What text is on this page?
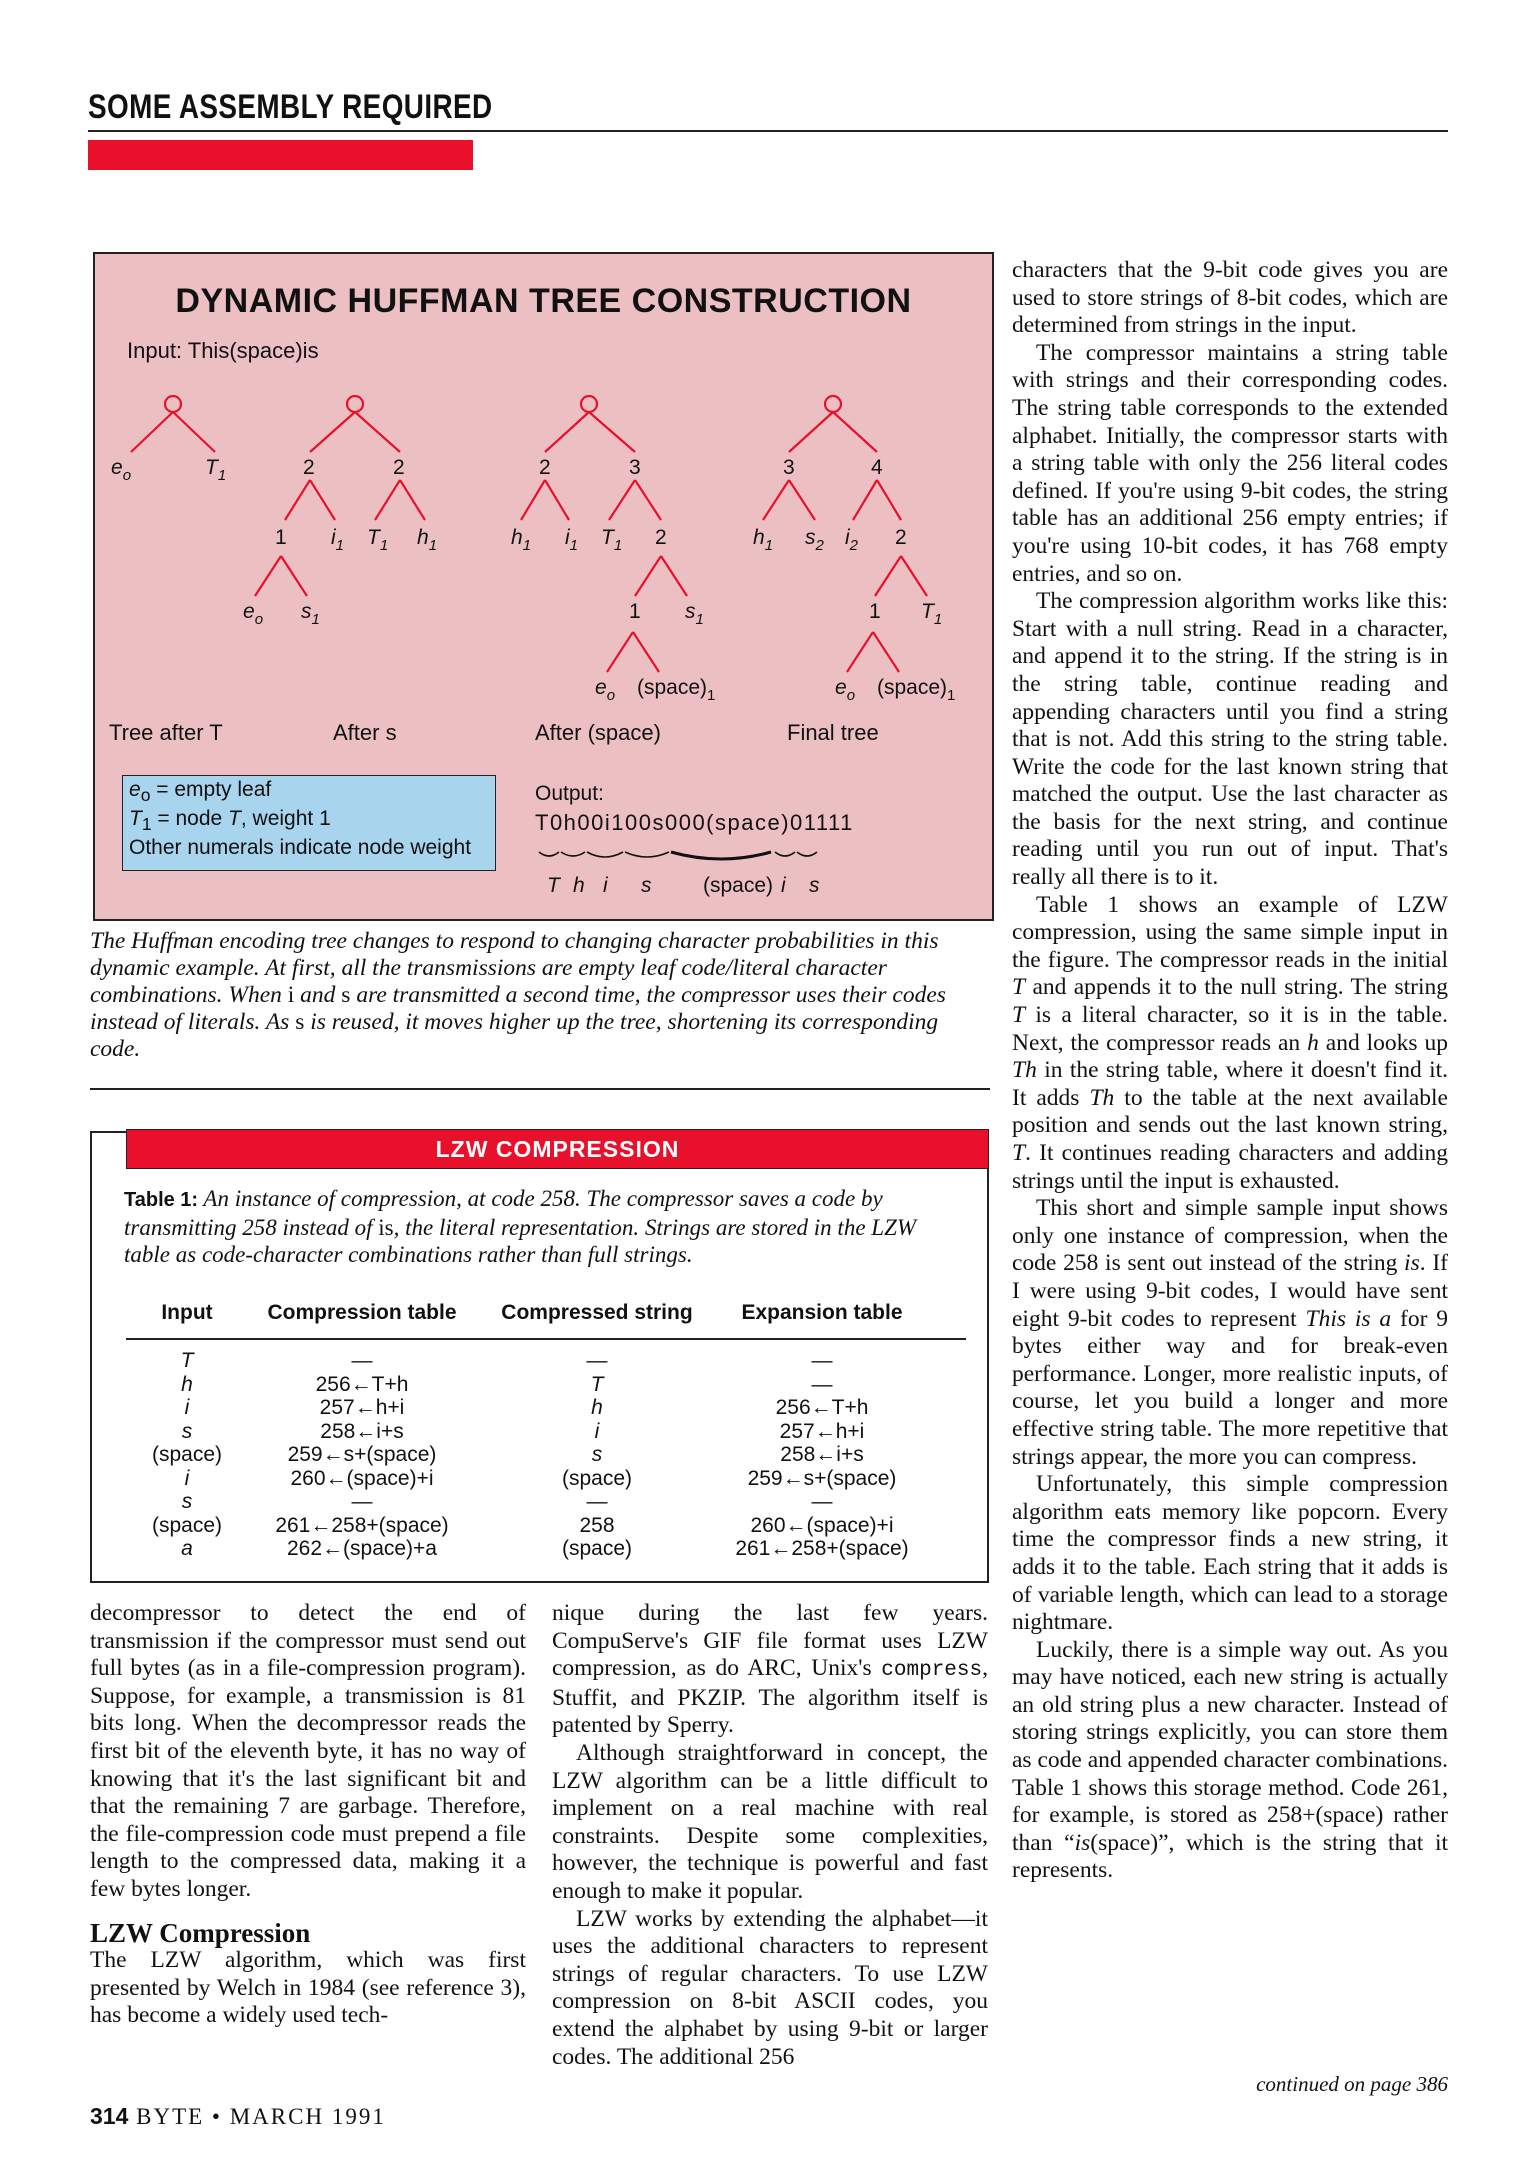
SOME ASSEMBLY REQUIRED
DYNAMIC HUFFMAN TREE CONSTRUCTION
Input: This(space)is
$e_o$	$T_1$	2	2
1 $i_1$ $T_1$ $h_1$
$e_o$ $s_1$
2	3
$h_1$ $i_1$ $T_1$ 2
1 $s_1$
$e_o$ $(space)_1$
3	4
$h_1$ $s_2$ $i_2$ 2
1 $T_1$
$e_o$ $(space)_1$
T h i s (space) i s
Tree after T	After s	After (space)	Final tree
$e_o$ = empty leaf
$T_1$ = node T, weight 1
Other numerals indicate node weight
Output:
T0h00i100s000(space)01111
The Huffman encoding tree changes to respond to changing character probabilities in this dynamic example. At first, all the transmissions are empty leaf code/literal character combinations. When i and s are transmitted a second time, the compressor uses their codes instead of literals. As s is reused, it moves higher up the tree, shortening its corresponding code.
LZW COMPRESSION
Table 1: An instance of compression, at code 258. The compressor saves a code by transmitting 258 instead of is, the literal representation. Strings are stored in the LZW table as code-character combinations rather than full strings.
Input	Compression table	Compressed string	Expansion table
T	—	—	—
h	256←T+h	T	—
i	257←h+i	h	256←T+h
s	258←i+s	i	257←h+i
(space)	259←s+(space)	s	258←i+s
i	260←(space)+i	(space)	259←s+(space)
s	—	—	—
(space)	261←258+(space)	258	260←(space)+i
a	262←(space)+a	(space)	261←258+(space)

decompressor to detect the end of transmission if the compressor must send out full bytes (as in a file-compression program). Suppose, for example, a transmission is 81 bits long. When the decompressor reads the first bit of the eleventh byte, it has no way of knowing that it's the last significant bit and that the remaining 7 are garbage. Therefore, the file-compression code must prepend a file length to the compressed data, making it a few bytes longer.

LZW Compression

The LZW algorithm, which was first presented by Welch in 1984 (see reference 3), has become a widely used tech-

nique during the last few years. CompuServe's GIF file format uses LZW compression, as do ARC, Unix's compress, Stuffit, and PKZIP. The algorithm itself is patented by Sperry.

Although straightforward in concept, the LZW algorithm can be a little difficult to implement on a real machine with real constraints. Despite some complexities, however, the technique is powerful and fast enough to make it popular.

LZW works by extending the alphabet—it uses the additional characters to represent strings of regular characters. To use LZW compression on 8-bit ASCII codes, you extend the alphabet by using 9-bit or larger codes. The additional 256

characters that the 9-bit code gives you are used to store strings of 8-bit codes, which are determined from strings in the input.

The compressor maintains a string table with strings and their corresponding codes. The string table corresponds to the extended alphabet. Initially, the compressor starts with a string table with only the 256 literal codes defined. If you're using 9-bit codes, the string table has an additional 256 empty entries; if you're using 10-bit codes, it has 768 empty entries, and so on.

The compression algorithm works like this: Start with a null string. Read in a character, and append it to the string. If the string is in the string table, continue reading and appending characters until you find a string that is not. Add this string to the string table. Write the code for the last known string that matched the output. Use the last character as the basis for the next string, and continue reading until you run out of input. That's really all there is to it.

Table 1 shows an example of LZW compression, using the same simple input in the figure. The compressor reads in the initial T and appends it to the null string. The string T is a literal character, so it is in the table. Next, the compressor reads an h and looks up Th in the string table, where it doesn't find it. It adds Th to the table at the next available position and sends out the last known string, T. It continues reading characters and adding strings until the input is exhausted.

This short and simple sample input shows only one instance of compression, when the code 258 is sent out instead of the string is. If I were using 9-bit codes, I would have sent eight 9-bit codes to represent This is a for 9 bytes either way and for break-even performance. Longer, more realistic inputs, of course, let you build a longer and more effective string table. The more repetitive that strings appear, the more you can compress.

Unfortunately, this simple compression algorithm eats memory like popcorn. Every time the compressor finds a new string, it adds it to the table. Each string that it adds is of variable length, which can lead to a storage nightmare.

Luckily, there is a simple way out. As you may have noticed, each new string is actually an old string plus a new character. Instead of storing strings explicitly, you can store them as code and appended character combinations. Table 1 shows this storage method. Code 261, for example, is stored as 258+(space) rather than “is(space)”, which is the string that it represents.

continued on page 386
314 BYTE • MARCH 1991
